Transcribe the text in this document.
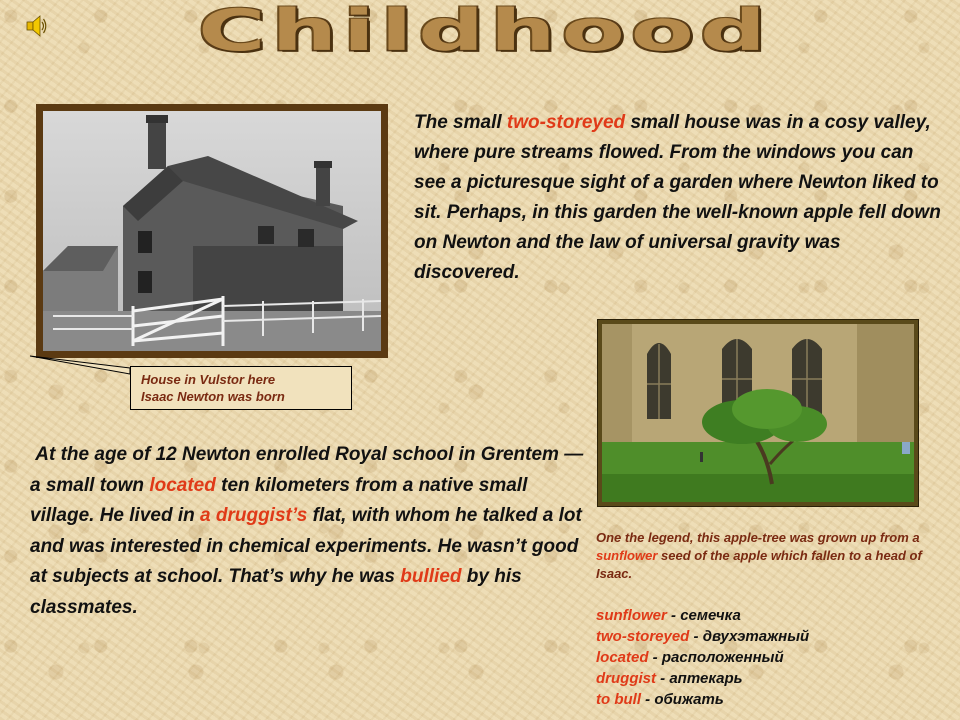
Childhood
House in Vulstor here
Isaac Newton was born
The small two-storeyed small house was in a cosy valley, where pure streams flowed. From the windows you can see a picturesque sight of a garden where Newton liked to sit. Perhaps, in this garden the well-known apple fell down on Newton and the law of universal gravity was discovered.
One the legend, this apple-tree was grown up from a sunflower seed of the apple which fallen to a head of Isaac.
At the age of 12 Newton enrolled Royal school in Grentem — a small town located ten kilometers from a native small village. He lived in a druggist’s flat, with whom he talked a lot and was interested in chemical experiments. He wasn’t good at subjects at school. That’s why he was bullied by his classmates.	sunflower - семечка
two-storeyed - двухэтажный
located - расположенный
druggist - аптекарь
to bull - обижать
